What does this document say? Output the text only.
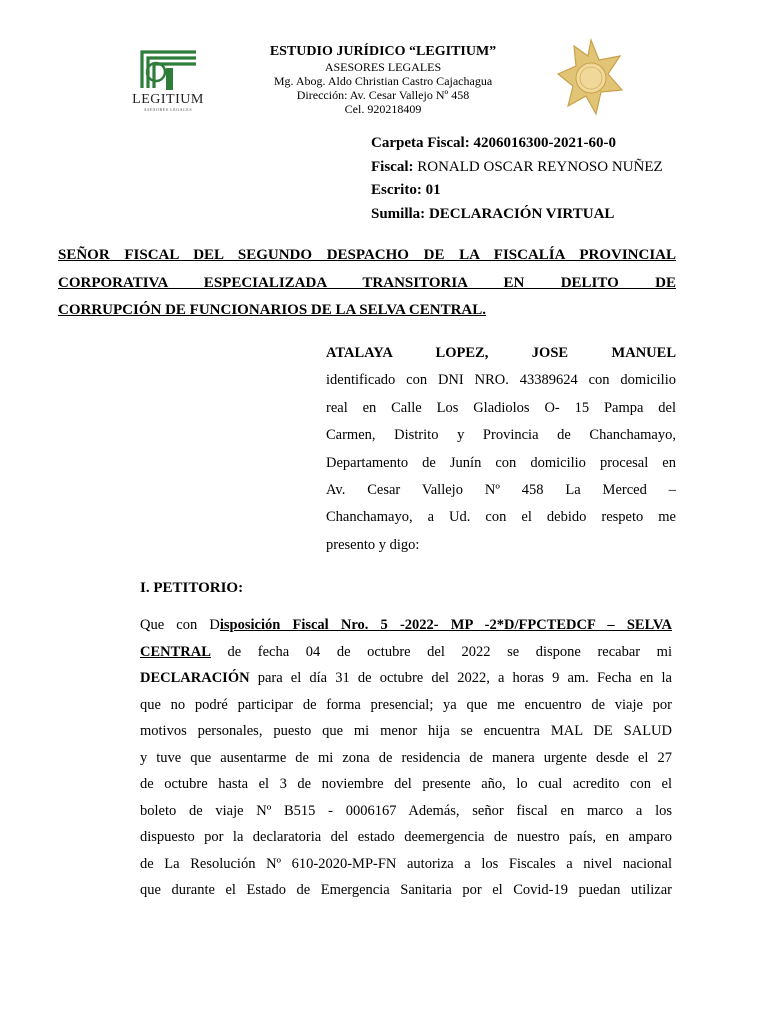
LEGITIUM
ASESORES LEGALES
ESTUDIO JURÍDICO “LEGITIUM”
ASESORES LEGALES
Mg. Abog. Aldo Christian Castro Cajachagua
Dirección: Av. Cesar Vallejo Nº 458
Cel. 920218409
Carpeta Fiscal: 4206016300-2021-60-0
Fiscal: RONALD OSCAR REYNOSO NUÑEZ
Escrito: 01
Sumilla: DECLARACIÓN VIRTUAL
SEÑOR FISCAL DEL SEGUNDO DESPACHO DE LA FISCALÍA PROVINCIAL
CORPORATIVA ESPECIALIZADA TRANSITORIA EN DELITO DE
CORRUPCIÓN DE FUNCIONARIOS DE LA SELVA CENTRAL.
ATALAYA LOPEZ, JOSE MANUEL
identificado con DNI NRO. 43389624 con domicilio
real en Calle Los Gladiolos O- 15 Pampa del
Carmen, Distrito y Provincia de Chanchamayo,
Departamento de Junín con domicilio procesal en
Av. Cesar Vallejo Nº 458 La Merced –
Chanchamayo, a Ud. con el debido respeto me
presento y digo:
I. PETITORIO:
Que con Disposición Fiscal Nro. 5 -2022- MP -2*D/FPCTEDCF – SELVA
CENTRAL de fecha 04 de octubre del 2022 se dispone recabar mi
DECLARACIÓN para el día 31 de octubre del 2022, a horas 9 am. Fecha en la
que no podré participar de forma presencial; ya que me encuentro de viaje por
motivos personales, puesto que mi menor hija se encuentra MAL DE SALUD
y tuve que ausentarme de mi zona de residencia de manera urgente desde el 27
de octubre hasta el 3 de noviembre del presente año, lo cual acredito con el
boleto de viaje Nº B515 - 0006167 Además, señor fiscal en marco a los
dispuesto por la declaratoria del estado deemergencia de nuestro país, en amparo
de La Resolución Nº 610-2020-MP-FN autoriza a los Fiscales a nivel nacional
que durante el Estado de Emergencia Sanitaria por el Covid-19 puedan utilizar
